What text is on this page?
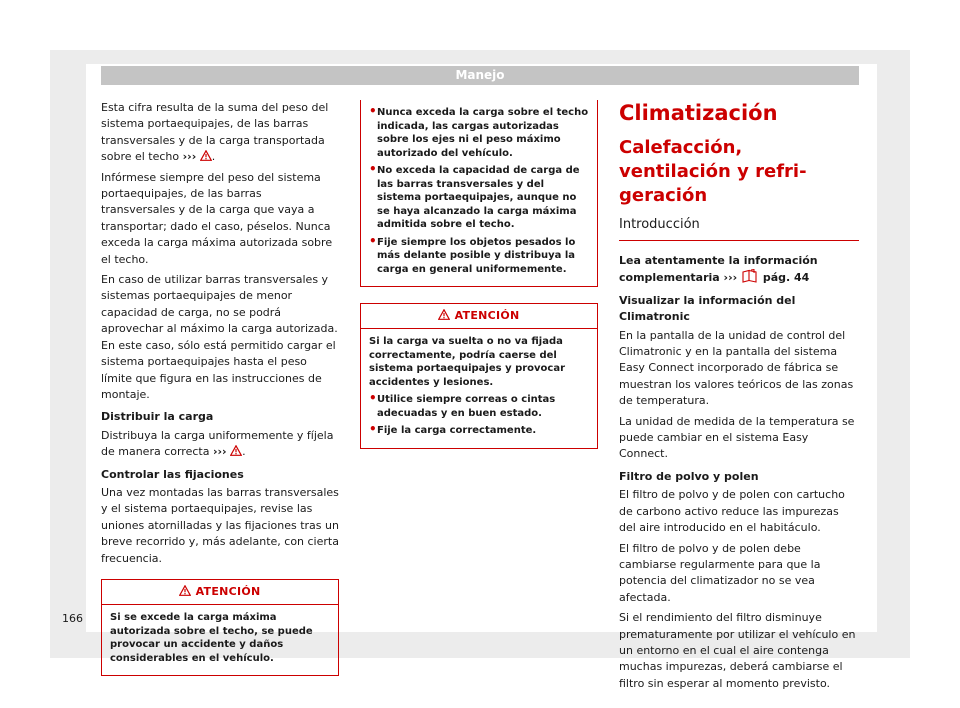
Manejo

Esta cifra resulta de la suma del peso del sistema portaequipajes, de las barras transversales y de la carga transportada sobre el techo ››› .

Infórmese siempre del peso del sistema portaequipajes, de las barras transversales y de la carga que vaya a transportar; dado el caso, péselos. Nunca exceda la carga máxima autorizada sobre el techo.

En caso de utilizar barras transversales y sistemas portaequipajes de menor capacidad de carga, no se podrá aprovechar al máximo la carga autorizada. En este caso, sólo está permitido cargar el sistema portaequipajes hasta el peso límite que figura en las instrucciones de montaje.

Distribuir la carga

Distribuya la carga uniformemente y fíjela de manera correcta ››› .

Controlar las fijaciones

Una vez montadas las barras transversales y el sistema portaequipajes, revise las uniones atornilladas y las fijaciones tras un breve recorrido y, más adelante, con cierta frecuencia.

ATENCIÓN

Si se excede la carga máxima autorizada sobre el techo, se puede provocar un accidente y daños considerables en el vehículo.

• Nunca exceda la carga sobre el techo indicada, las cargas autorizadas sobre los ejes ni el peso máximo autorizado del vehículo.
• No exceda la capacidad de carga de las barras transversales y del sistema portaequipajes, aunque no se haya alcanzado la carga máxima admitida sobre el techo.
• Fije siempre los objetos pesados lo más delante posible y distribuya la carga en general uniformemente.
ATENCIÓN

Si la carga va suelta o no va fijada correctamente, podría caerse del sistema portaequipajes y provocar accidentes y lesiones.

• Utilice siempre correas o cintas adecuadas y en buen estado.
• Fije la carga correctamente.
Climatización
Calefacción, ventilación y refrigeración
Introducción

Lea atentamente la información complementaria ››› pág. 44

Visualizar la información del Climatronic

En la pantalla de la unidad de control del Climatronic y en la pantalla del sistema Easy Connect incorporado de fábrica se muestran los valores teóricos de las zonas de temperatura.

La unidad de medida de la temperatura se puede cambiar en el sistema Easy Connect.

Filtro de polvo y polen

El filtro de polvo y de polen con cartucho de carbono activo reduce las impurezas del aire introducido en el habitáculo.

El filtro de polvo y de polen debe cambiarse regularmente para que la potencia del climatizador no se vea afectada.

Si el rendimiento del filtro disminuye prematuramente por utilizar el vehículo en un entorno en el cual el aire contenga muchas impurezas, deberá cambiarse el filtro sin esperar al momento previsto.

166
